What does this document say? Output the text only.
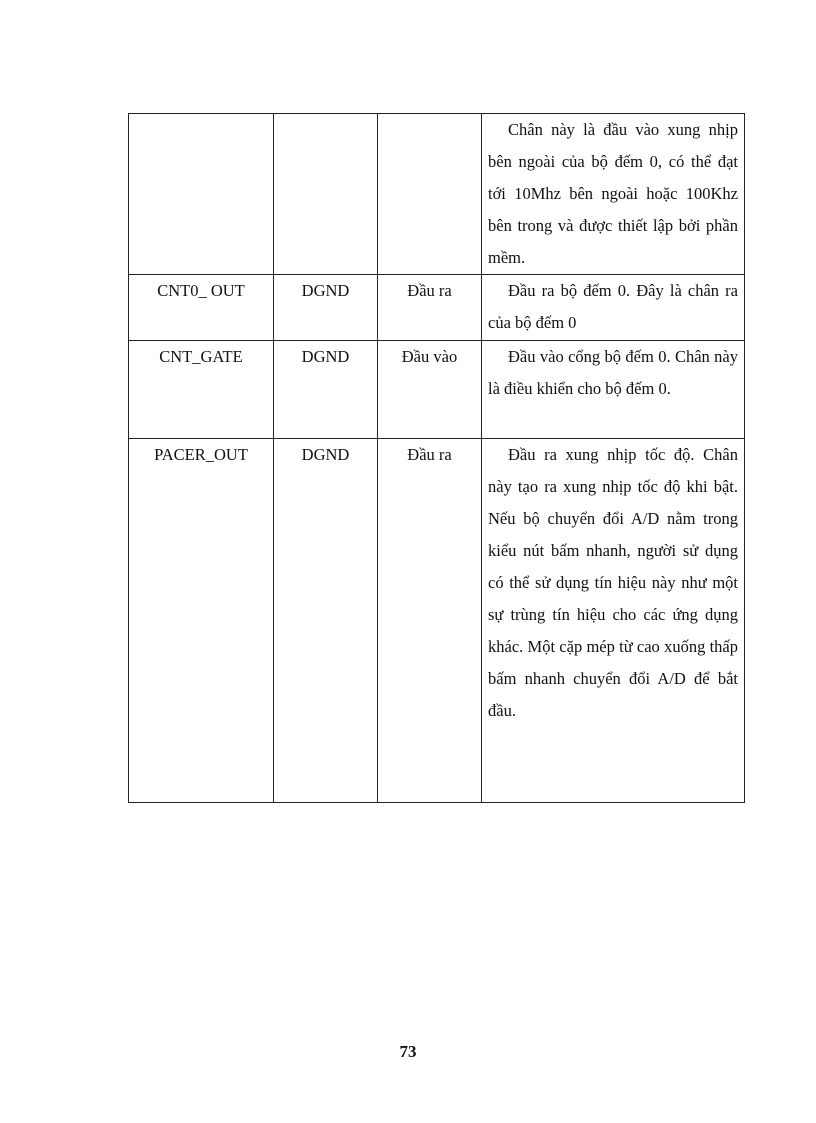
			Chân này là đầu vào xung nhịp bên ngoài của bộ đếm 0, có thể đạt tới 10Mhz bên ngoài hoặc 100Khz bên trong và được thiết lập bởi phần mềm.

CNT0_ OUT	DGND	Đầu ra	Đầu ra bộ đếm 0. Đây là chân ra của bộ đếm 0

CNT_GATE	DGND	Đầu vào	Đầu vào cổng bộ đếm 0. Chân này là điều khiển cho bộ đếm 0.

PACER_OUT	DGND	Đầu ra	Đầu ra xung nhịp tốc độ. Chân này tạo ra xung nhịp tốc độ khi bật. Nếu bộ chuyển đổi A/D nằm trong kiểu nút bấm nhanh, người sử dụng có thể sử dụng tín hiệu này như một sự trùng tín hiệu cho các ứng dụng khác. Một cặp mép từ cao xuống thấp bấm nhanh chuyển đổi A/D để bắt đầu.
73
